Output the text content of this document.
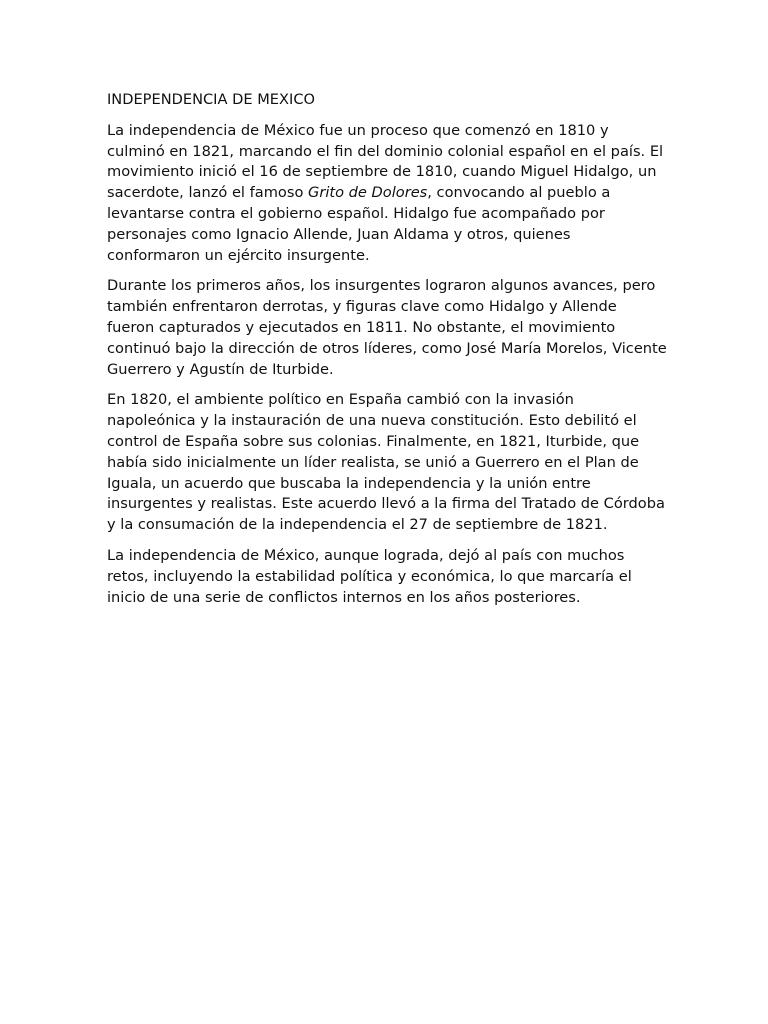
INDEPENDENCIA DE MEXICO

La independencia de México fue un proceso que comenzó en 1810 y culminó en 1821, marcando el fin del dominio colonial español en el país. El movimiento inició el 16 de septiembre de 1810, cuando Miguel Hidalgo, un sacerdote, lanzó el famoso Grito de Dolores, convocando al pueblo a levantarse contra el gobierno español. Hidalgo fue acompañado por personajes como Ignacio Allende, Juan Aldama y otros, quienes conformaron un ejército insurgente.

Durante los primeros años, los insurgentes lograron algunos avances, pero también enfrentaron derrotas, y figuras clave como Hidalgo y Allende fueron capturados y ejecutados en 1811. No obstante, el movimiento continuó bajo la dirección de otros líderes, como José María Morelos, Vicente Guerrero y Agustín de Iturbide.

En 1820, el ambiente político en España cambió con la invasión napoleónica y la instauración de una nueva constitución. Esto debilitó el control de España sobre sus colonias. Finalmente, en 1821, Iturbide, que había sido inicialmente un líder realista, se unió a Guerrero en el Plan de Iguala, un acuerdo que buscaba la independencia y la unión entre insurgentes y realistas. Este acuerdo llevó a la firma del Tratado de Córdoba y la consumación de la independencia el 27 de septiembre de 1821.

La independencia de México, aunque lograda, dejó al país con muchos retos, incluyendo la estabilidad política y económica, lo que marcaría el inicio de una serie de conflictos internos en los años posteriores.
